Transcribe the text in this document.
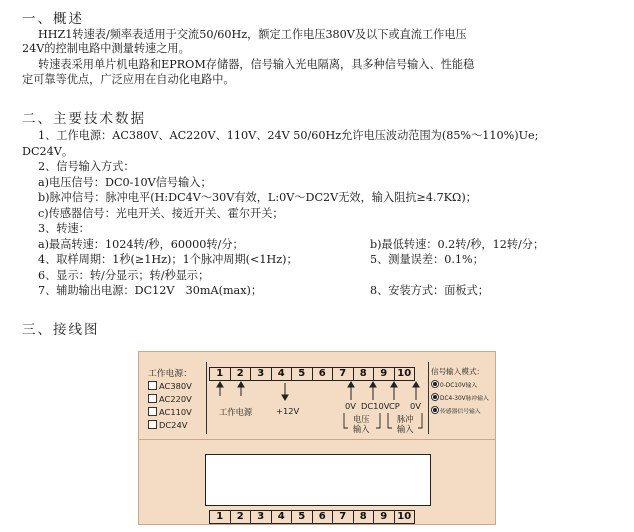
一、概述
HHZ1转速表/频率表适用于交流50/60Hz，额定工作电压380V及以下或直流工作电压
24V的控制电路中测量转速之用。
转速表采用单片机电路和EPROM存储器，信号输入光电隔离，具多种信号输入、性能稳
定可靠等优点，广泛应用在自动化电路中。
二、主要技术数据
1、工作电源：AC380V、AC220V、110V、24V 50/60Hz允许电压波动范围为(85%～110%)Ue;
DC24V。
2、信号输入方式：
a)电压信号：DC0-10V信号输入；
b)脉冲信号：脉冲电平(H:DC4V～30V有效，L:0V～DC2V无效，输入阻抗≥4.7KΩ)；
c)传感器信号：光电开关、接近开关、霍尔开关；
3、转速：
a)最高转速：1024转/秒，60000转/分；	b)最低转速：0.2转/秒，12转/分；
4、取样周期：1秒(≥1Hz)；1个脉冲周期(<1Hz)；	5、测量误差：0.1%；
6、显示：转/分显示；转/秒显示；
7、辅助输出电源：DC12V　30mA(max)；	8、安装方式：面板式；
三、接线图
工作电源：
AC380V
AC220V
AC110V
DC24V
1	2	3	4	5	6	7	8	9	10
工作电源	+12V	0V DC10V CP 0V
电压
输入
脉冲
输入
信号输入模式：
0-DC10V输入
DC4-30V脉冲输入
传感器信号输入
1	2	3	4	5	6	7	8	9	10
